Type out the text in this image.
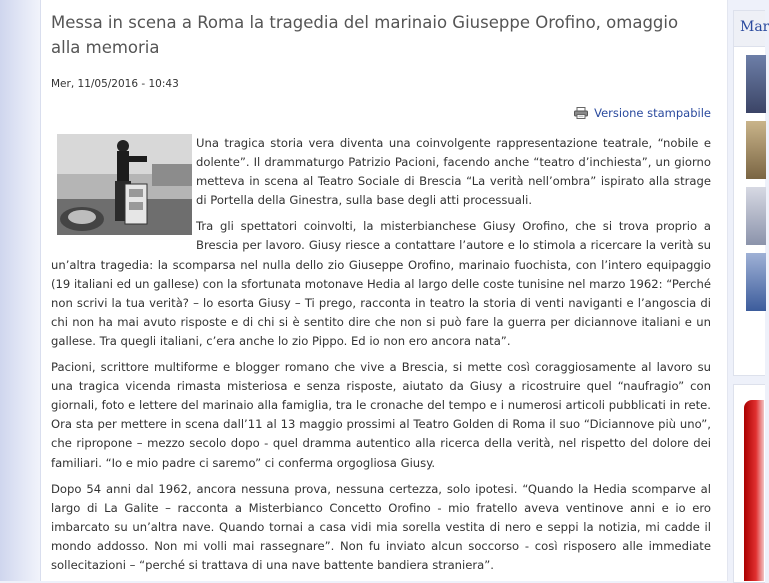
Messa in scena a Roma la tragedia del marinaio Giuseppe Orofino, omaggio alla memoria
Mer, 11/05/2016 - 10:43
Versione stampabile

Una tragica storia vera diventa una coinvolgente rappresentazione teatrale, “nobile e dolente”. Il drammaturgo Patrizio Pacioni, facendo anche “teatro d’inchiesta”, un giorno metteva in scena al Teatro Sociale di Brescia “La verità nell’ombra” ispirato alla strage di Portella della Ginestra, sulla base degli atti processuali.

Tra gli spettatori coinvolti, la misterbianchese Giusy Orofino, che si trova proprio a Brescia per lavoro. Giusy riesce a contattare l’autore e lo stimola a ricercare la verità su un’altra tragedia: la scomparsa nel nulla dello zio Giuseppe Orofino, marinaio fuochista, con l’intero equipaggio (19 italiani ed un gallese) con la sfortunata motonave Hedia al largo delle coste tunisine nel marzo 1962: “Perché non scrivi la tua verità? – lo esorta Giusy – Ti prego, racconta in teatro la storia di venti naviganti e l’angoscia di chi non ha mai avuto risposte e di chi si è sentito dire che non si può fare la guerra per diciannove italiani e un gallese. Tra quegli italiani, c’era anche lo zio Pippo. Ed io non ero ancora nata”.

Pacioni, scrittore multiforme e blogger romano che vive a Brescia, si mette così coraggiosamente al lavoro su una tragica vicenda rimasta misteriosa e senza risposte, aiutato da Giusy a ricostruire quel “naufragio” con giornali, foto e lettere del marinaio alla famiglia, tra le cronache del tempo e i numerosi articoli pubblicati in rete. Ora sta per mettere in scena dall’11 al 13 maggio prossimi al Teatro Golden di Roma il suo “Diciannove più uno”, che ripropone – mezzo secolo dopo - quel dramma autentico alla ricerca della verità, nel rispetto del dolore dei familiari. “Io e mio padre ci saremo” ci conferma orgogliosa Giusy.

Dopo 54 anni dal 1962, ancora nessuna prova, nessuna certezza, solo ipotesi. “Quando la Hedia scomparve al largo di La Galite – racconta a Misterbianco Concetto Orofino - mio fratello aveva ventinove anni e io ero imbarcato su un’altra nave. Quando tornai a casa vidi mia sorella vestita di nero e seppi la notizia, mi cadde il mondo addosso. Non mi volli mai rassegnare”. Non fu inviato alcun soccorso - così risposero alle immediate sollecitazioni – “perché si trattava di una nave battente bandiera straniera”.

Mar
